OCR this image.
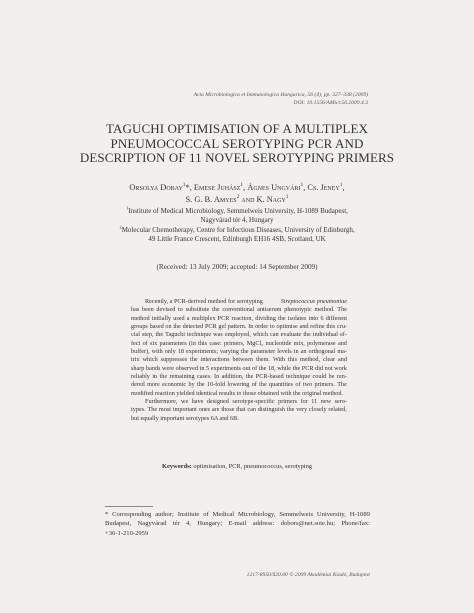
Acta Microbiologica et Immunologica Hungarica, 56 (4), pp. 327–338 (2009)
DOI: 10.1556/AMicr.56.2009.4.3
TAGUCHI OPTIMISATION OF A MULTIPLEX
PNEUMOCOCCAL SEROTYPING PCR AND
DESCRIPTION OF 11 NOVEL SEROTYPING PRIMERS
Orsolya Dobay$^1$*, Emese Juhász$^1$, Ágnes Ungvári$^1$, Cs. Jeney$^1$,
S. G. B. Amyes$^2$ and K. Nagy$^1$
$^1$Institute of Medical Microbiology, Semmelweis University, H-1089 Budapest,
Nagyvárad tér 4, Hungary
$^2$Molecular Chemotherapy, Centre for Infectious Diseases, University of Edinburgh,
49 Little France Crescent, Edinburgh EH16 4SB, Scotland, UK
(Received: 13 July 2009; accepted: 14 September 2009)
Recently, a PCR-derived method for serotyping	Streptococcus pneumoniae
has been devised to substitute the conventional antiserum phenotypic method. The
method initially used a multiplex PCR reaction, dividing the isolates into 6 different
groups based on the detected PCR gel pattern. In order to optimise and refine this cru-
cial step, the Taguchi technique was employed, which can evaluate the individual ef-
fect of six parameters (in this case: primers, MgCl₂ nucleotide mix, polymerase and
buffer), with only 18 experiments; varying the parameter levels in an orthogonal ma-
trix which suppresses the interactions between them. With this method, clear and
sharp bands were observed in 5 experiments out of the 18, while the PCR did not work
reliably in the remaining cases. In addition, the PCR-based technique could be ren-
dered more economic by the 10-fold lowering of the quantities of two primers. The
modified reaction yielded identical results to those obtained with the original method.
Furthermore, we have designed serotype-specific primers for 11 new sero-
types. The most important ones are those that can distinguish the very closely related,
but equally important serotypes 6A and 6B.
Keywords: optimisation, PCR, pneumococcus, serotyping
* Corresponding author; Institute of Medical Microbiology, Semmelweis University, H-1089
Budapest, Nagyvárad tér 4, Hungary; E-mail address: dobors@net.sote.hu; Phone/fax:
+36-1-210-2959
1217-8950/$20.00 © 2009 Akadémiai Kiadó, Budapest
